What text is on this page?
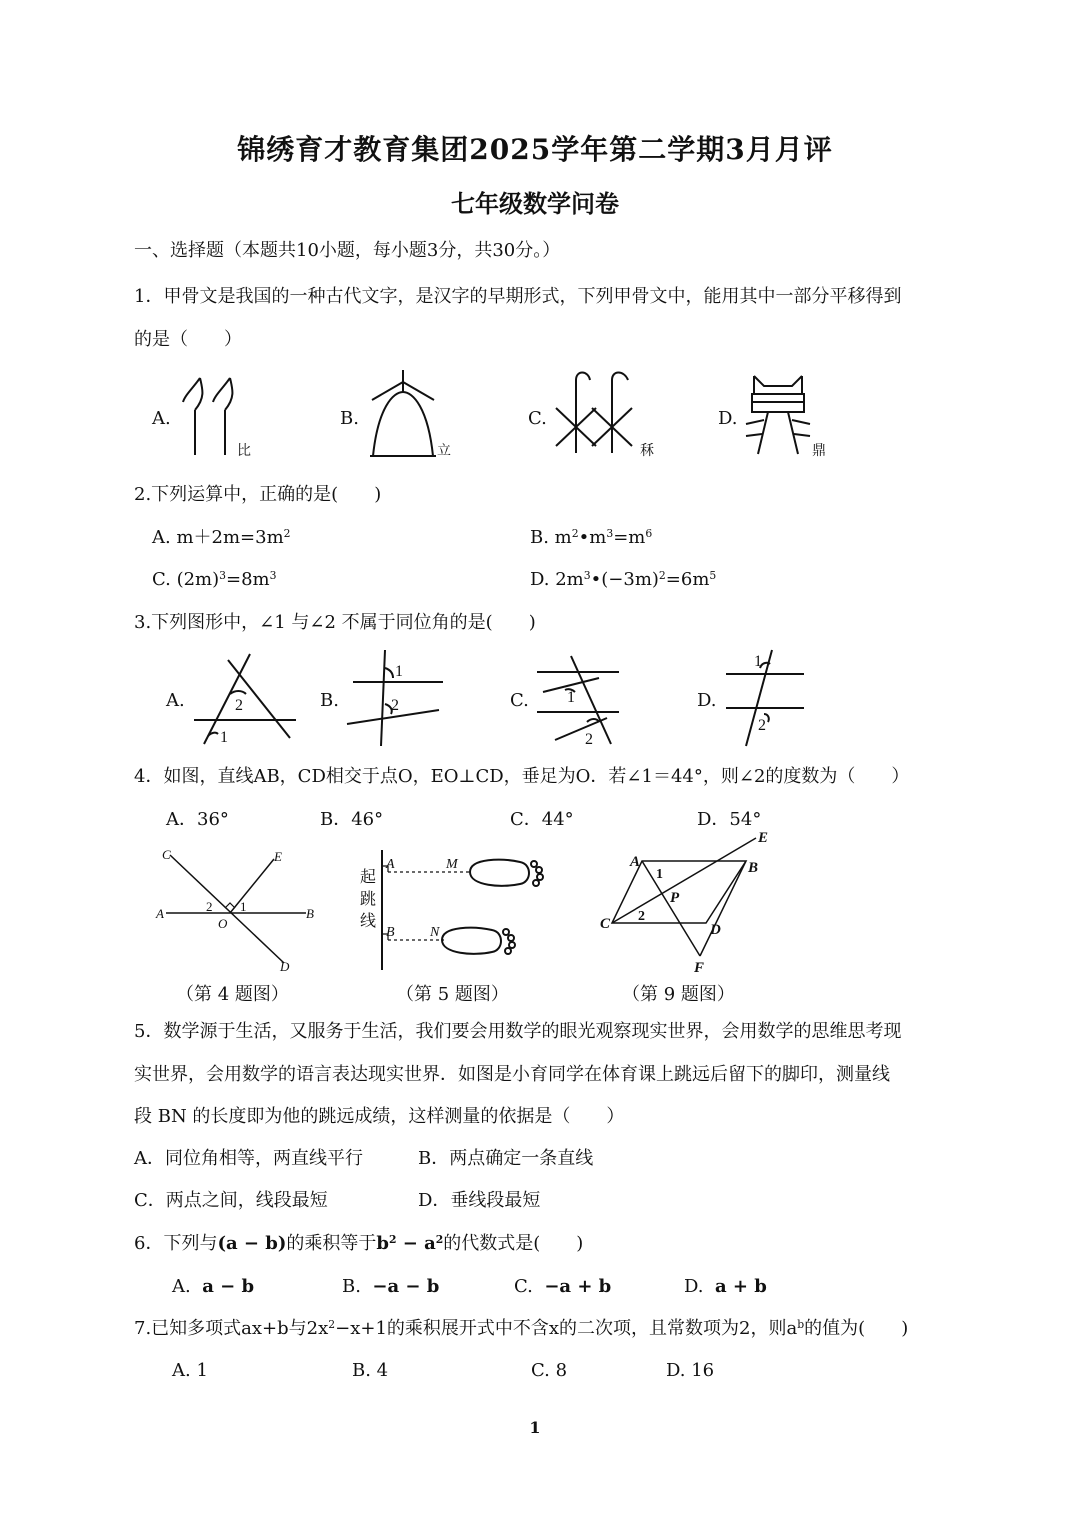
锦绣育才教育集团2025学年第二学期3月月评
七年级数学问卷
一、选择题（本题共10小题，每小题3分，共30分。）
1．甲骨文是我国的一种古代文字，是汉字的早期形式，下列甲骨文中，能用其中一部分平移得到
的是（　　）
A.
比
B.
立
C.
秝
D.
鼎
2.下列运算中，正确的是(　　)
A. $m+2m=3m^2$	B. $m^2•m^3=m^6$
C. $(2m)^3=8m^3$	D. $2m^3•(-3m)^2=6m^5$
3.下列图形中，∠1 与∠2 不属于同位角的是(　　)
A.	2
1
B.
1
2	C. 1
2
D.
1
2
4．如图，直线AB，CD相交于点O，EO⊥CD，垂足为O．若∠1＝44°，则∠2的度数为（　　）
A．36°	B．46°	C．44°	D．54°
C	E
A	B
O
D
2 1
（第 4 题图）
起
跳
线
A	M
B	N
（第 5 题图）
A
E
B
C	D
P
F
1
2
（第 9 题图）
5．数学源于生活，又服务于生活，我们要会用数学的眼光观察现实世界，会用数学的思维思考现
实世界，会用数学的语言表达现实世界．如图是小育同学在体育课上跳远后留下的脚印，测量线
段 BN 的长度即为他的跳远成绩，这样测量的依据是（　　）
A．同位角相等，两直线平行	B．两点确定一条直线
C．两点之间，线段最短	D．垂线段最短
6．下列与(a − b)的乘积等于$b^2 - a^2$的代数式是(　　)
A. a − b	B. −a − b	C. −a + b	D. a + b
7.已知多项式ax+b与$2x^2-x+1$的乘积展开式中不含x的二次项，且常数项为2，则$a^b$的值为(　　)
A. 1	B. 4	C. 8	D. 16
1
